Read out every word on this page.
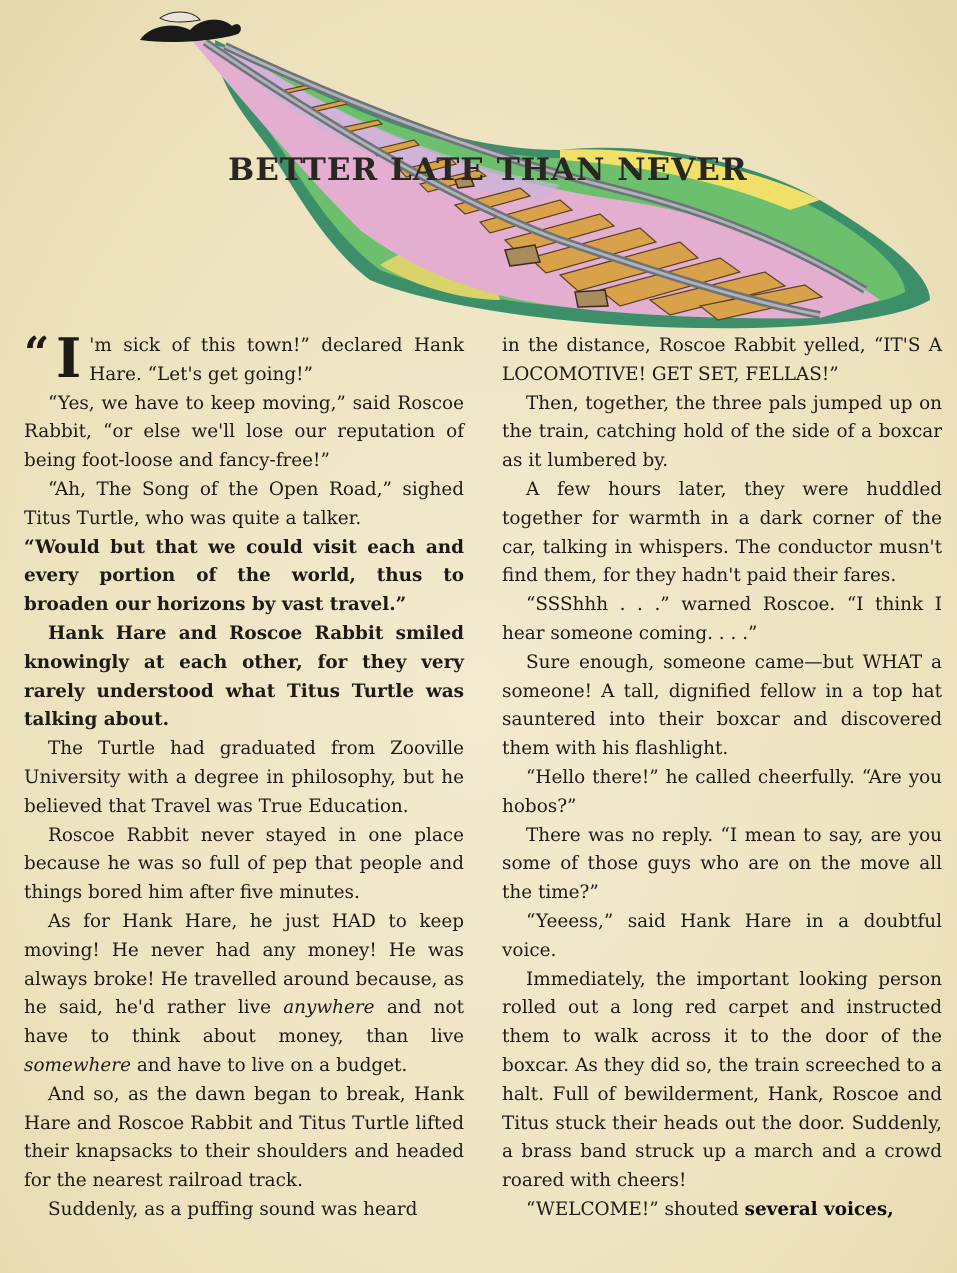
BETTER LATE THAN NEVER

“ I 'm sick of this town!” declared Hank Hare. “Let's get going!”

“Yes, we have to keep moving,” said Roscoe Rabbit, “or else we'll lose our reputation of being foot-loose and fancy-free!”

“Ah, The Song of the Open Road,” sighed Titus Turtle, who was quite a talker.

“Would but that we could visit each and every portion of the world, thus to broaden our horizons by vast travel.”

Hank Hare and Roscoe Rabbit smiled knowingly at each other, for they very rarely understood what Titus Turtle was talking about.

The Turtle had graduated from Zooville University with a degree in philosophy, but he believed that Travel was True Education.

Roscoe Rabbit never stayed in one place because he was so full of pep that people and things bored him after five minutes.

As for Hank Hare, he just HAD to keep moving! He never had any money! He was always broke! He travelled around because, as he said, he'd rather live anywhere and not have to think about money, than live somewhere and have to live on a budget.

And so, as the dawn began to break, Hank Hare and Roscoe Rabbit and Titus Turtle lifted their knapsacks to their shoulders and headed for the nearest railroad track.

Suddenly, as a puffing sound was heard

in the distance, Roscoe Rabbit yelled, “IT'S A LOCOMOTIVE! GET SET, FELLAS!”

Then, together, the three pals jumped up on the train, catching hold of the side of a boxcar as it lumbered by.

A few hours later, they were huddled together for warmth in a dark corner of the car, talking in whispers. The conductor musn't find them, for they hadn't paid their fares.

“SSShhh . . .” warned Roscoe. “I think I hear someone coming. . . .”

Sure enough, someone came—but WHAT a someone! A tall, dignified fellow in a top hat sauntered into their boxcar and discovered them with his flashlight.

“Hello there!” he called cheerfully. “Are you hobos?”

There was no reply. “I mean to say, are you some of those guys who are on the move all the time?”

“Yeeess,” said Hank Hare in a doubtful voice.

Immediately, the important looking person rolled out a long red carpet and instructed them to walk across it to the door of the boxcar. As they did so, the train screeched to a halt. Full of bewilderment, Hank, Roscoe and Titus stuck their heads out the door. Suddenly, a brass band struck up a march and a crowd roared with cheers!

“WELCOME!” shouted several voices,
